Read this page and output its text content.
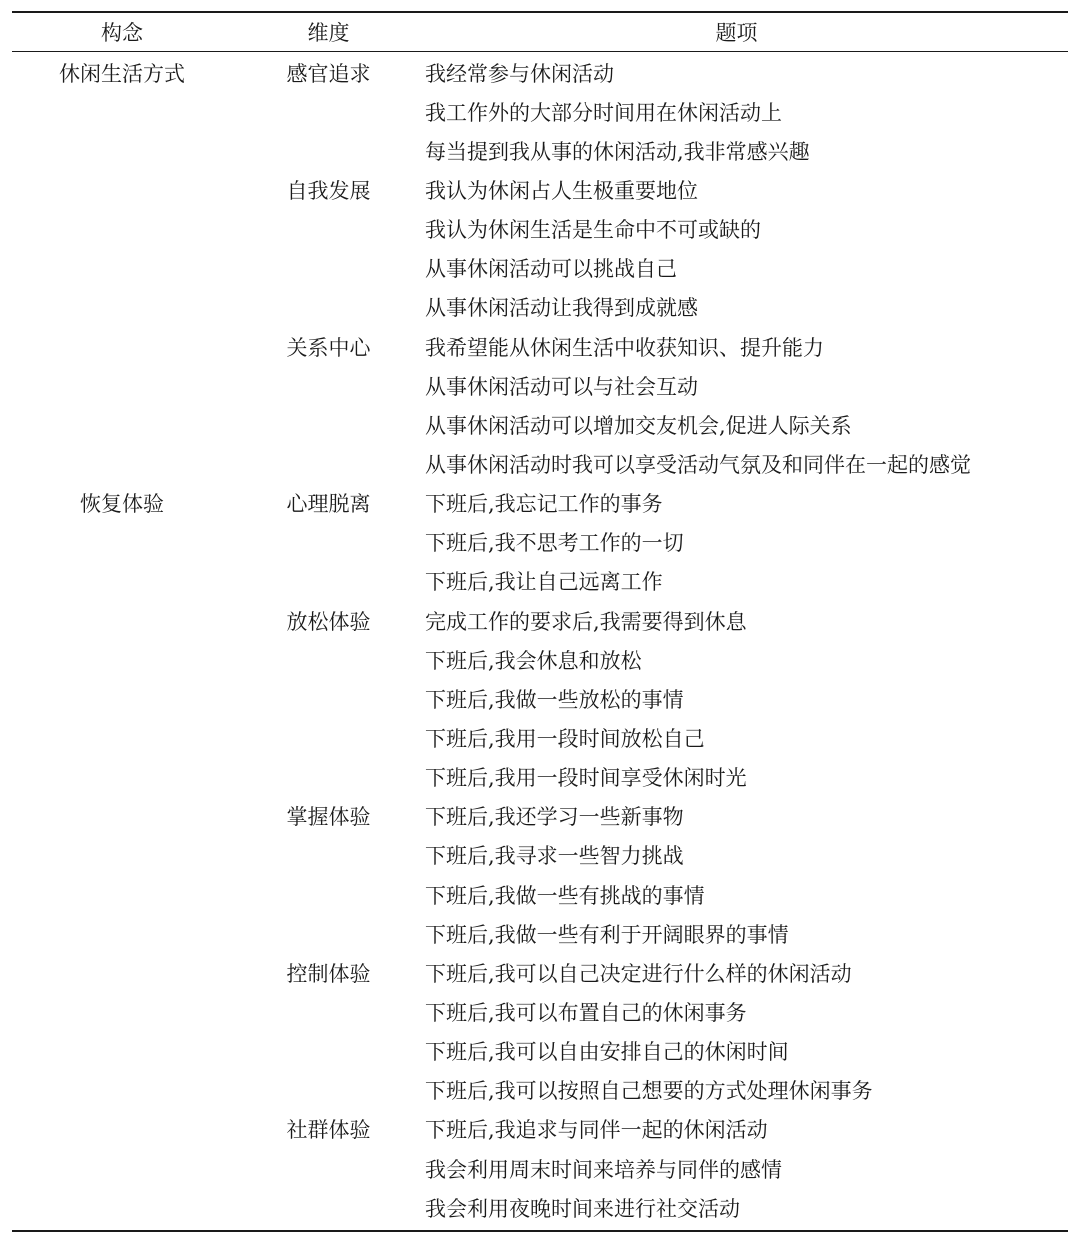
构念	维度	题项
休闲生活方式	感官追求	我经常参与休闲活动
我工作外的大部分时间用在休闲活动上
每当提到我从事的休闲活动,我非常感兴趣
自我发展	我认为休闲占人生极重要地位
我认为休闲生活是生命中不可或缺的
从事休闲活动可以挑战自己
从事休闲活动让我得到成就感
关系中心	我希望能从休闲生活中收获知识、提升能力
从事休闲活动可以与社会互动
从事休闲活动可以增加交友机会,促进人际关系
从事休闲活动时我可以享受活动气氛及和同伴在一起的感觉
恢复体验	心理脱离	下班后,我忘记工作的事务
下班后,我不思考工作的一切
下班后,我让自己远离工作
放松体验	完成工作的要求后,我需要得到休息
下班后,我会休息和放松
下班后,我做一些放松的事情
下班后,我用一段时间放松自己
下班后,我用一段时间享受休闲时光
掌握体验	下班后,我还学习一些新事物
下班后,我寻求一些智力挑战
下班后,我做一些有挑战的事情
下班后,我做一些有利于开阔眼界的事情
控制体验	下班后,我可以自己决定进行什么样的休闲活动
下班后,我可以布置自己的休闲事务
下班后,我可以自由安排自己的休闲时间
下班后,我可以按照自己想要的方式处理休闲事务
社群体验	下班后,我追求与同伴一起的休闲活动
我会利用周末时间来培养与同伴的感情
我会利用夜晚时间来进行社交活动
